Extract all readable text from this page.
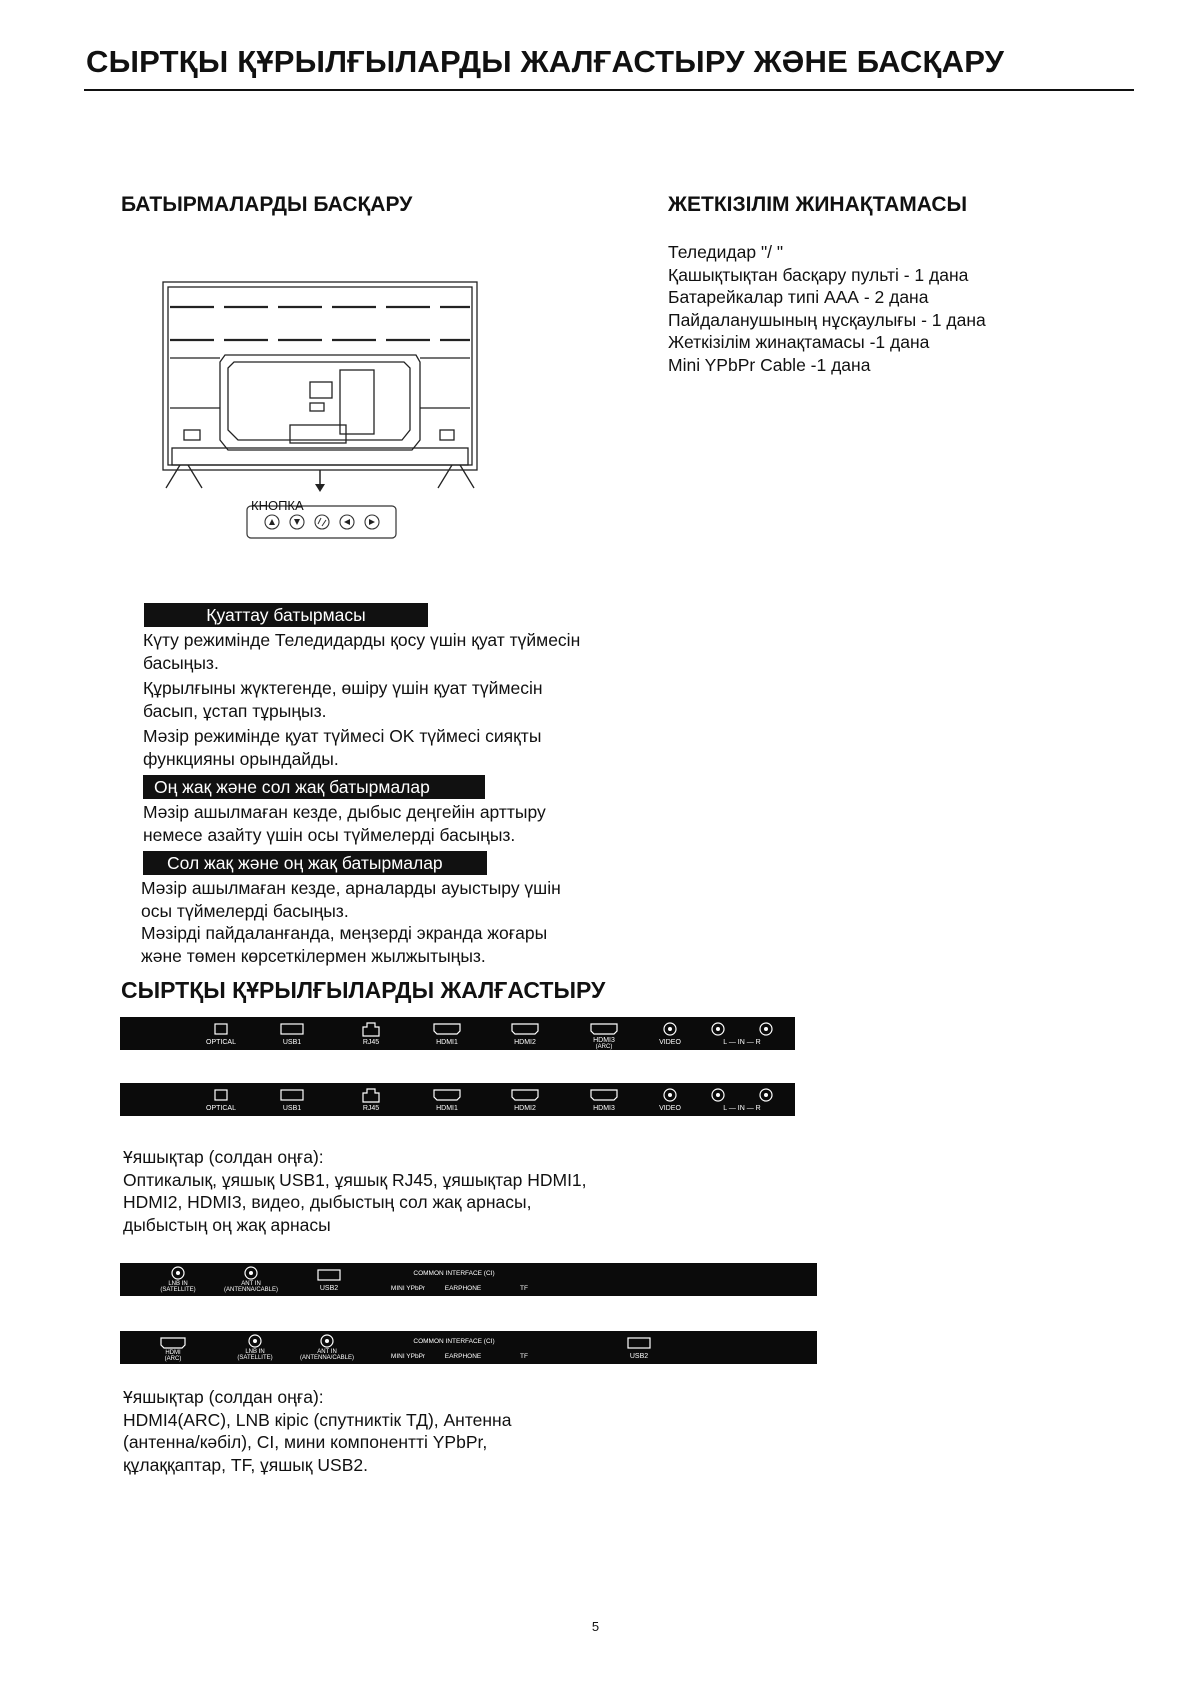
СЫРТҚЫ ҚҰРЫЛҒЫЛАРДЫ ЖАЛҒАСТЫРУ ЖӘНЕ БАСҚАРУ
БАТЫРМАЛАРДЫ БАСҚАРУ	ЖЕТКІЗІЛІМ ЖИНАҚТАМАСЫ
Теледидар "/ "
Қашықтықтан басқару пульті - 1 дана
Батарейкалар типі ААА - 2 дана
Пайдаланушының нұсқаулығы - 1 дана
Жеткізілім жинақтамасы -1 дана
Mini YPbPr Cable -1 дана
КНОПКА
Қуаттау батырмасы
Күту режимінде Теледидарды қосу үшін қуат түймесін
басыңыз.
Құрылғыны жүктегенде, өшіру үшін қуат түймесін
басып, ұстап тұрыңыз.
Мәзір режимінде қуат түймесі OK түймесі сияқты
функцияны орындайды.
Оң жақ және сол жақ батырмалар
Мәзір ашылмаған кезде, дыбыс деңгейін арттыру
немесе азайту үшін осы түймелерді басыңыз.
Сол жақ және оң жақ батырмалар
Мәзір ашылмаған кезде, арналарды ауыстыру үшін
осы түймелерді басыңыз.
Мәзірді пайдаланғанда, меңзерді экранда жоғары
және төмен көрсеткілермен жылжытыңыз.
СЫРТҚЫ ҚҰРЫЛҒЫЛАРДЫ ЖАЛҒАСТЫРУ
OPTICAL	USB1	RJ45	HDMI1	HDMI2	HDMI3
(ARC)
VIDEO	L — IN — R
OPTICAL	USB1	RJ45	HDMI1	HDMI2	HDMI3	VIDEO	L — IN — R
Ұяшықтар (солдан оңға):
Оптикалық, ұяшық USB1, ұяшық RJ45, ұяшықтар HDMI1,
HDMI2, HDMI3, видео, дыбыстың сол жақ арнасы,
дыбыстың оң жақ арнасы
LNB IN
(SATELLITE)
ANT IN
(ANTENNA/CABLE)	USB2
COMMON INTERFACE (CI)
MINI YPbPr	EARPHONE	TF
HDMI
(ARC)
LNB IN
(SATELLITE)
ANT IN
(ANTENNA/CABLE)
COMMON INTERFACE (CI)
MINI YPbPr	EARPHONE	TF	USB2
Ұяшықтар (солдан оңға):
HDMI4(ARC), LNB кіріс (спутниктік ТД), Антенна
(антенна/кәбіл), CI, мини компонентті YPbPr,
құлаққаптар, TF, ұяшық USB2.
5
